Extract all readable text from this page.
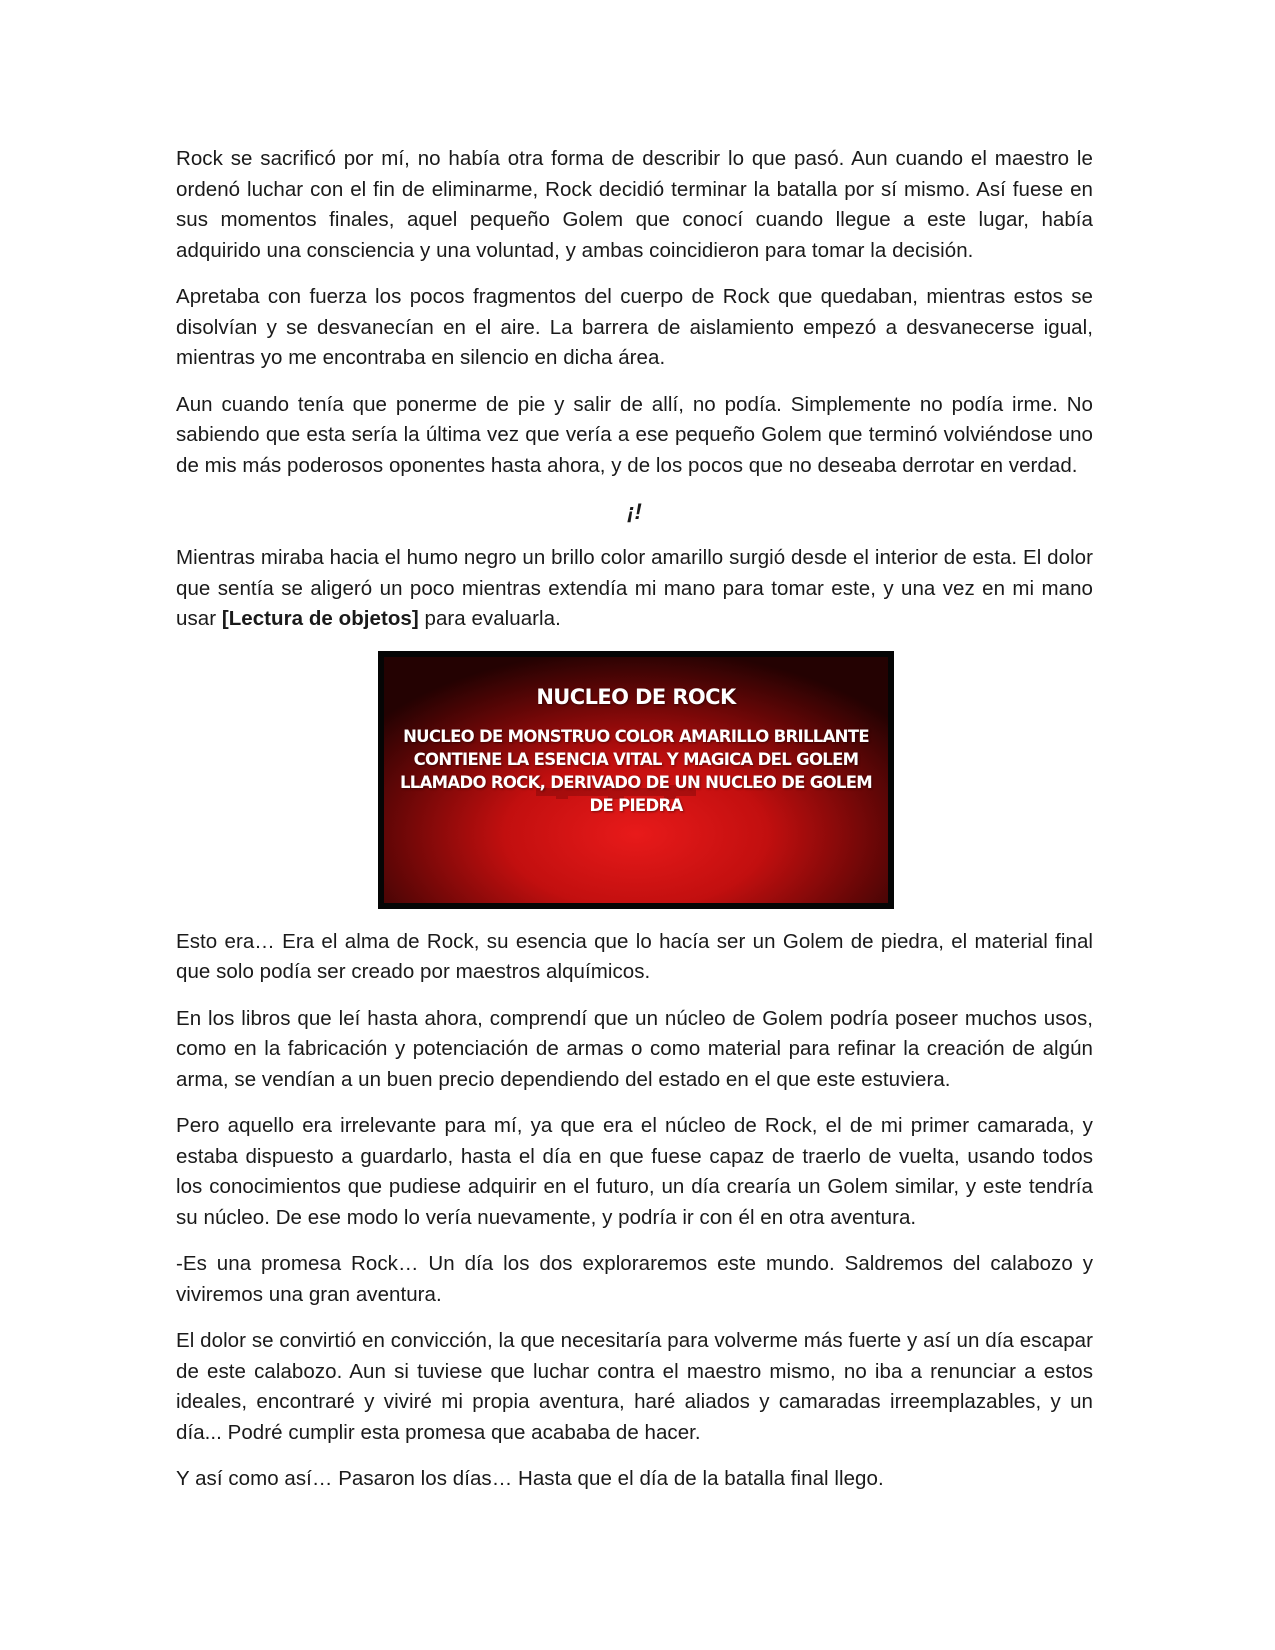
Rock se sacrificó por mí, no había otra forma de describir lo que pasó. Aun cuando el maestro le ordenó luchar con el fin de eliminarme, Rock decidió terminar la batalla por sí mismo. Así fuese en sus momentos finales, aquel pequeño Golem que conocí cuando llegue a este lugar, había adquirido una consciencia y una voluntad, y ambas coincidieron para tomar la decisión.

Apretaba con fuerza los pocos fragmentos del cuerpo de Rock que quedaban, mientras estos se disolvían y se desvanecían en el aire. La barrera de aislamiento empezó a desvanecerse igual, mientras yo me encontraba en silencio en dicha área.

Aun cuando tenía que ponerme de pie y salir de allí, no podía. Simplemente no podía irme. No sabiendo que esta sería la última vez que vería a ese pequeño Golem que terminó volviéndose uno de mis más poderosos oponentes hasta ahora, y de los pocos que no deseaba derrotar en verdad.

¡!

Mientras miraba hacia el humo negro un brillo color amarillo surgió desde el interior de esta. El dolor que sentía se aligeró un poco mientras extendía mi mano para tomar este, y una vez en mi mano usar [Lectura de objetos] para evaluarla.

NUCLEO DE ROCK
NUCLEO DE MONSTRUO COLOR AMARILLO BRILLANTE
CONTIENE LA ESENCIA VITAL Y MAGICA DEL GOLEM
LLAMADO ROCK, DERIVADO DE UN NUCLEO DE GOLEM
DE PIEDRA

Esto era… Era el alma de Rock, su esencia que lo hacía ser un Golem de piedra, el material final que solo podía ser creado por maestros alquímicos.

En los libros que leí hasta ahora, comprendí que un núcleo de Golem podría poseer muchos usos, como en la fabricación y potenciación de armas o como material para refinar la creación de algún arma, se vendían a un buen precio dependiendo del estado en el que este estuviera.

Pero aquello era irrelevante para mí, ya que era el núcleo de Rock, el de mi primer camarada, y estaba dispuesto a guardarlo, hasta el día en que fuese capaz de traerlo de vuelta, usando todos los conocimientos que pudiese adquirir en el futuro, un día crearía un Golem similar, y este tendría su núcleo. De ese modo lo vería nuevamente, y podría ir con él en otra aventura.

-Es una promesa Rock… Un día los dos exploraremos este mundo. Saldremos del calabozo y viviremos una gran aventura.

El dolor se convirtió en convicción, la que necesitaría para volverme más fuerte y así un día escapar de este calabozo. Aun si tuviese que luchar contra el maestro mismo, no iba a renunciar a estos ideales, encontraré y viviré mi propia aventura, haré aliados y camaradas irreemplazables, y un día... Podré cumplir esta promesa que acababa de hacer.

Y así como así… Pasaron los días… Hasta que el día de la batalla final llego.
